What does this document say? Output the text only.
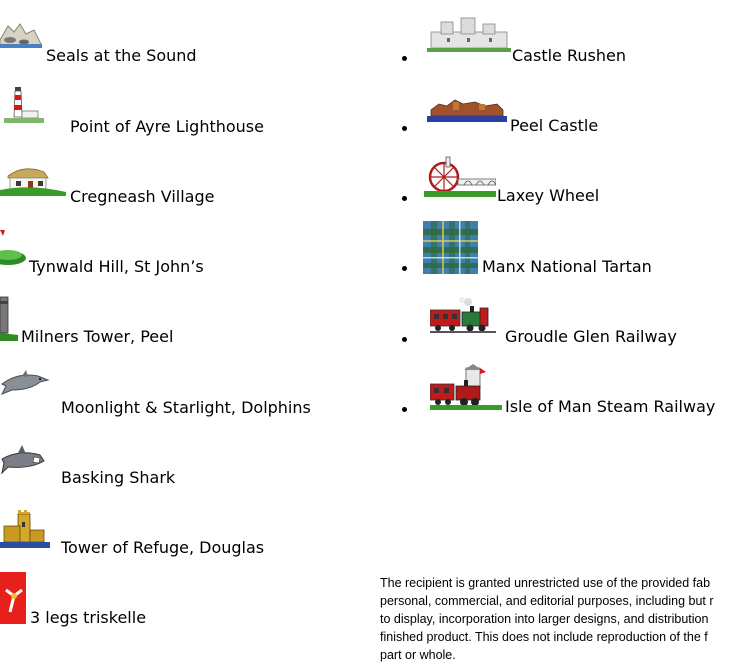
Seals at the Sound
Point of Ayre Lighthouse
Cregneash Village
Tynwald Hill, St John’s
Milners Tower, Peel
Moonlight & Starlight, Dolphins
Basking Shark
Tower of Refuge, Douglas
3 legs triskelle
Castle Rushen
Peel Castle
Laxey Wheel
Manx National Tartan
Groudle Glen Railway
Isle of Man Steam Railway
The recipient is granted unrestricted use of the provided fab
personal, commercial, and editorial purposes, including but r
to display, incorporation into larger designs, and distribution
finished product. This does not include reproduction of the f
part or whole.
